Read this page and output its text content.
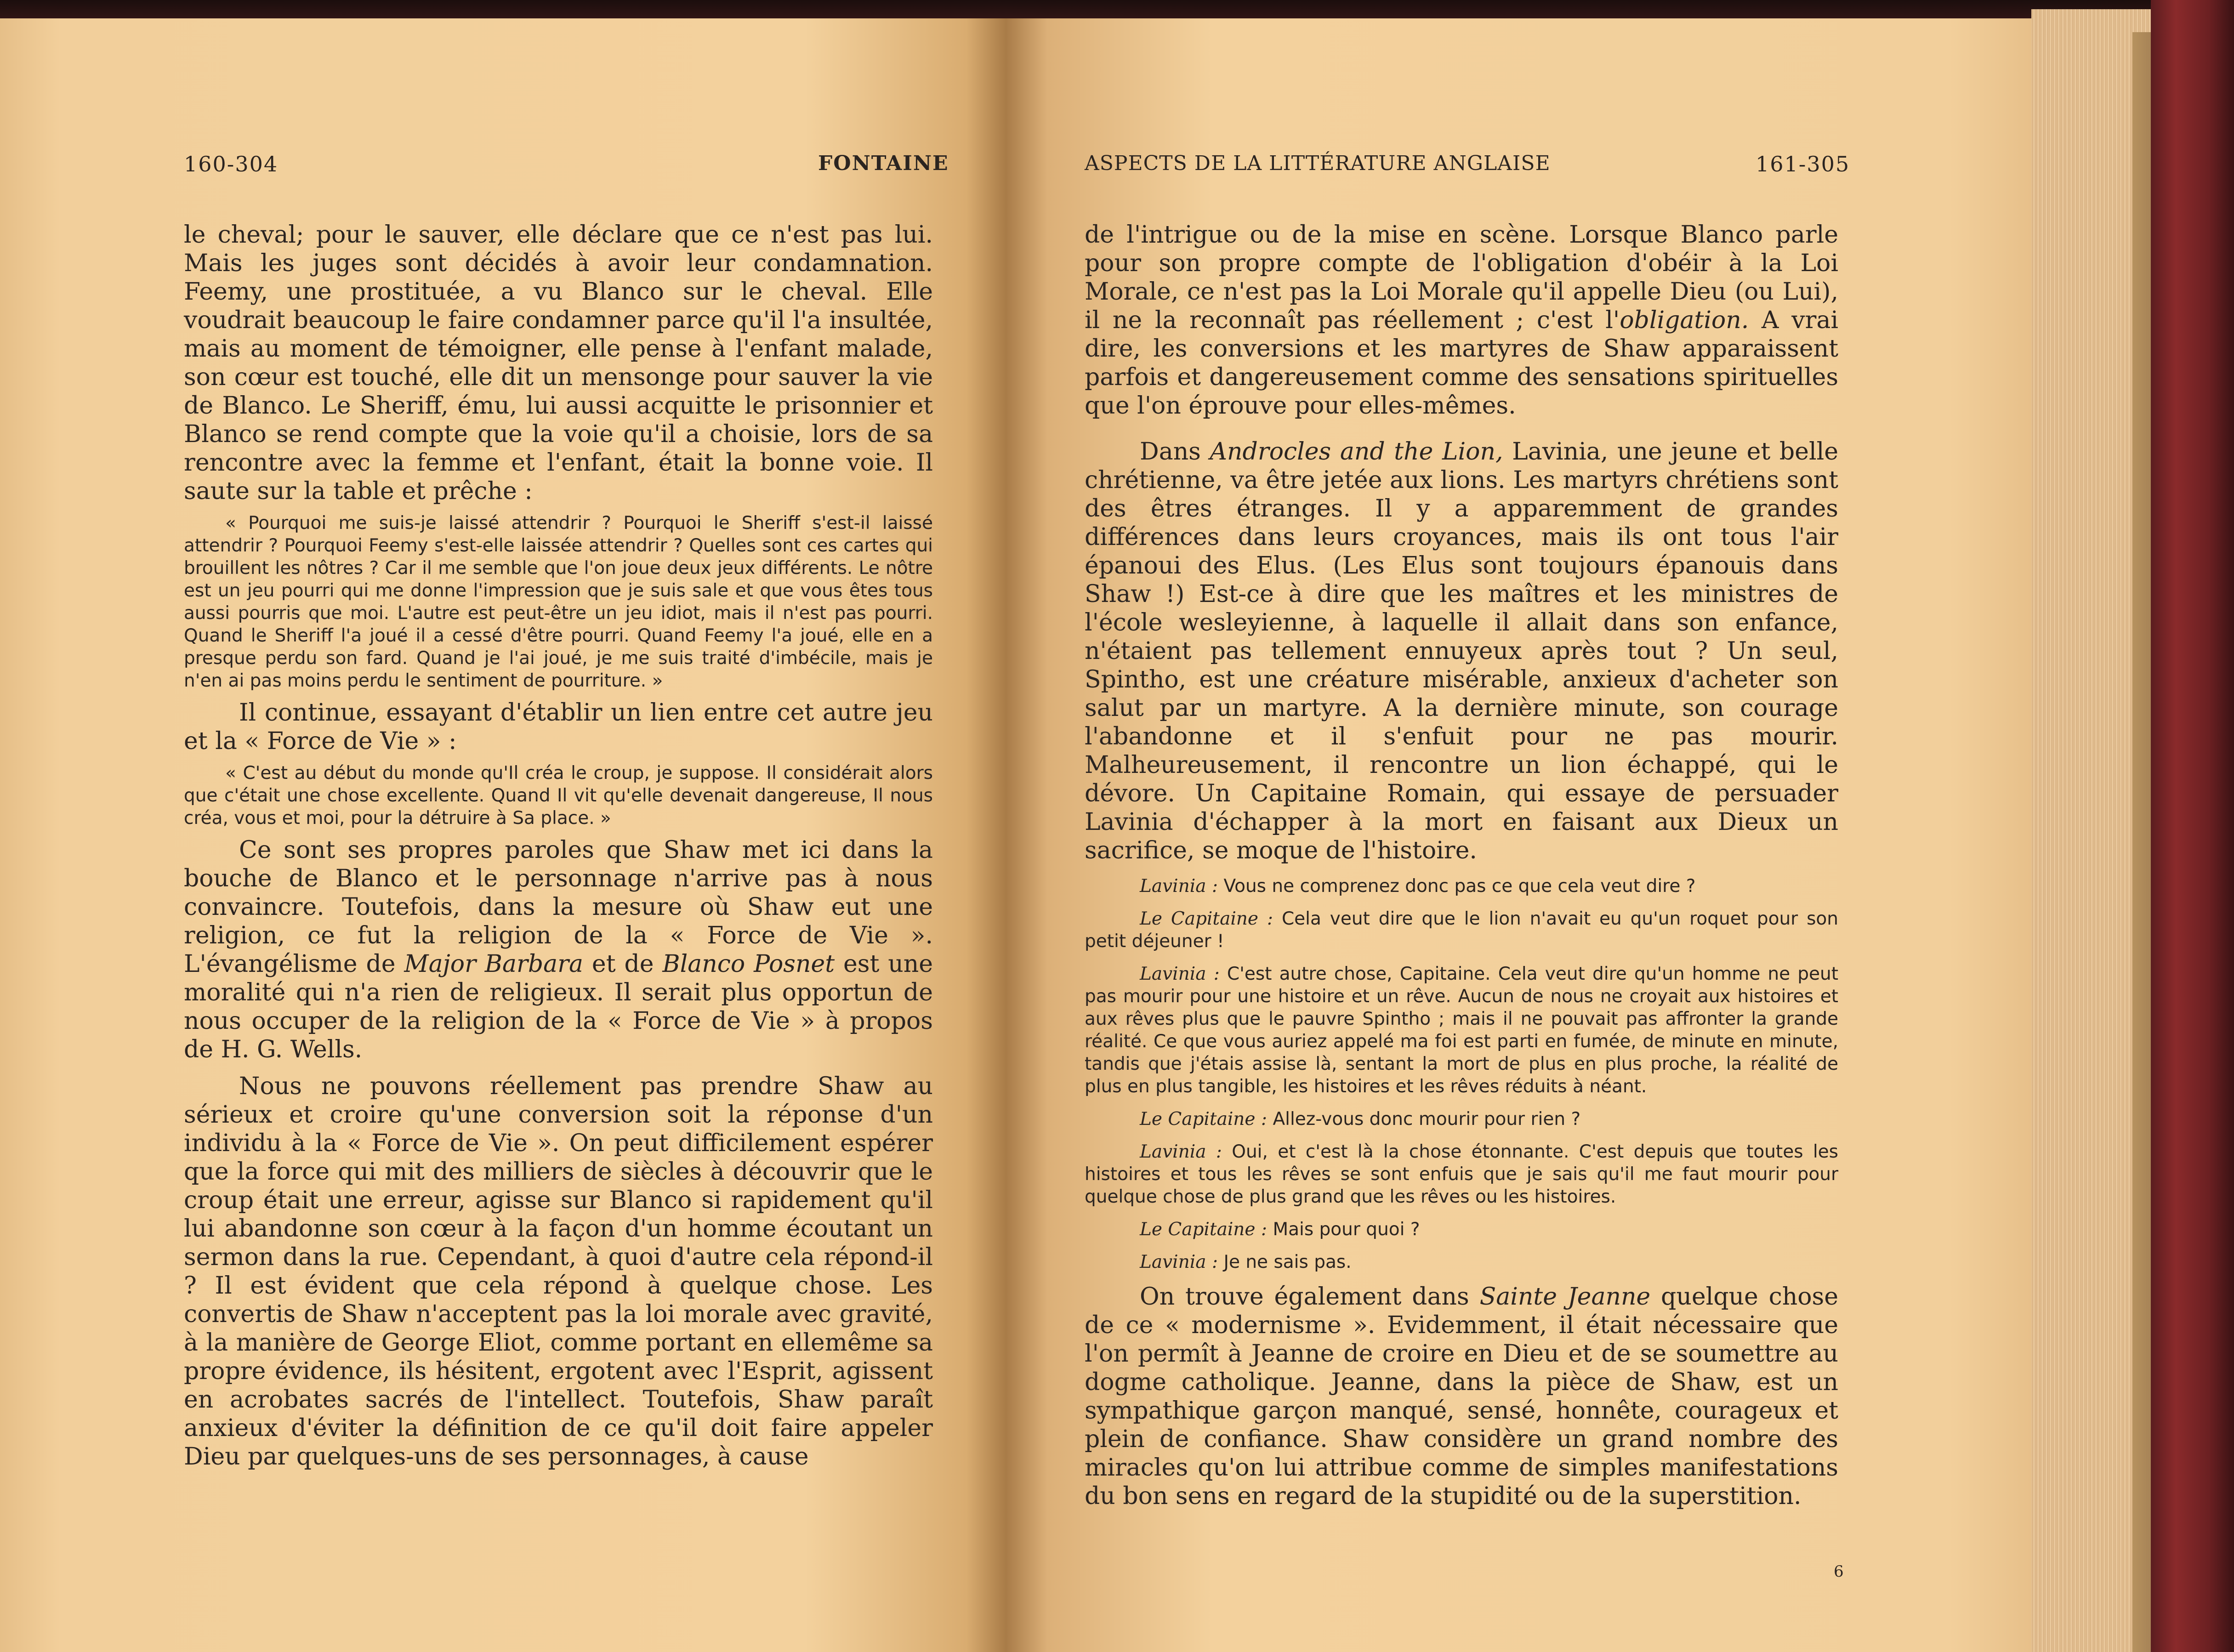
160-304	FONTAINE

le cheval; pour le sauver, elle déclare que ce n'est pas lui. Mais les juges sont décidés à avoir leur condamnation. Feemy, une prostituée, a vu Blanco sur le cheval. Elle voudrait beaucoup le faire condamner parce qu'il l'a insultée, mais au moment de témoigner, elle pense à l'enfant malade, son cœur est touché, elle dit un mensonge pour sauver la vie de Blanco. Le Sheriff, ému, lui aussi acquitte le prisonnier et Blanco se rend compte que la voie qu'il a choisie, lors de sa rencontre avec la femme et l'enfant, était la bonne voie. Il saute sur la table et prêche :

« Pourquoi me suis-je laissé attendrir ? Pourquoi le Sheriff s'est-il laissé attendrir ? Pourquoi Feemy s'est-elle laissée attendrir ? Quelles sont ces cartes qui brouillent les nôtres ? Car il me semble que l'on joue deux jeux différents. Le nôtre est un jeu pourri qui me donne l'impression que je suis sale et que vous êtes tous aussi pourris que moi. L'autre est peut-être un jeu idiot, mais il n'est pas pourri. Quand le Sheriff l'a joué il a cessé d'être pourri. Quand Feemy l'a joué, elle en a presque perdu son fard. Quand je l'ai joué, je me suis traité d'imbécile, mais je n'en ai pas moins perdu le sentiment de pourriture. »

Il continue, essayant d'établir un lien entre cet autre jeu et la « Force de Vie » :

« C'est au début du monde qu'Il créa le croup, je suppose. Il considérait alors que c'était une chose excellente. Quand Il vit qu'elle devenait dangereuse, Il nous créa, vous et moi, pour la détruire à Sa place. »

Ce sont ses propres paroles que Shaw met ici dans la bouche de Blanco et le personnage n'arrive pas à nous convaincre. Toutefois, dans la mesure où Shaw eut une religion, ce fut la religion de la « Force de Vie ». L'évangélisme de Major Barbara et de Blanco Posnet est une moralité qui n'a rien de religieux. Il serait plus opportun de nous occuper de la religion de la « Force de Vie » à propos de H. G. Wells.

Nous ne pouvons réellement pas prendre Shaw au sérieux et croire qu'une conversion soit la réponse d'un individu à la « Force de Vie ». On peut difficilement espérer que la force qui mit des milliers de siècles à découvrir que le croup était une erreur, agisse sur Blanco si rapidement qu'il lui abandonne son cœur à la façon d'un homme écoutant un sermon dans la rue. Cependant, à quoi d'autre cela répond-il ? Il est évident que cela répond à quelque chose. Les convertis de Shaw n'acceptent pas la loi morale avec gravité, à la manière de George Eliot, comme portant en ellemême sa propre évidence, ils hésitent, ergotent avec l'Esprit, agissent en acrobates sacrés de l'intellect. Toutefois, Shaw paraît anxieux d'éviter la définition de ce qu'il doit faire appeler Dieu par quelques-uns de ses personnages, à cause

ASPECTS DE LA LITTÉRATURE ANGLAISE	161-305

de l'intrigue ou de la mise en scène. Lorsque Blanco parle pour son propre compte de l'obligation d'obéir à la Loi Morale, ce n'est pas la Loi Morale qu'il appelle Dieu (ou Lui), il ne la reconnaît pas réellement ; c'est l'obligation. A vrai dire, les conversions et les martyres de Shaw apparaissent parfois et dangereusement comme des sensations spirituelles que l'on éprouve pour elles-mêmes.

Dans Androcles and the Lion, Lavinia, une jeune et belle chrétienne, va être jetée aux lions. Les martyrs chrétiens sont des êtres étranges. Il y a apparemment de grandes différences dans leurs croyances, mais ils ont tous l'air épanoui des Elus. (Les Elus sont toujours épanouis dans Shaw !) Est-ce à dire que les maîtres et les ministres de l'école wesleyienne, à laquelle il allait dans son enfance, n'étaient pas tellement ennuyeux après tout ? Un seul, Spintho, est une créature misérable, anxieux d'acheter son salut par un martyre. A la dernière minute, son courage l'abandonne et il s'enfuit pour ne pas mourir. Malheureusement, il rencontre un lion échappé, qui le dévore. Un Capitaine Romain, qui essaye de persuader Lavinia d'échapper à la mort en faisant aux Dieux un sacrifice, se moque de l'histoire.

Lavinia : Vous ne comprenez donc pas ce que cela veut dire ?

Le Capitaine : Cela veut dire que le lion n'avait eu qu'un roquet pour son petit déjeuner !

Lavinia : C'est autre chose, Capitaine. Cela veut dire qu'un homme ne peut pas mourir pour une histoire et un rêve. Aucun de nous ne croyait aux histoires et aux rêves plus que le pauvre Spintho ; mais il ne pouvait pas affronter la grande réalité. Ce que vous auriez appelé ma foi est parti en fumée, de minute en minute, tandis que j'étais assise là, sentant la mort de plus en plus proche, la réalité de plus en plus tangible, les histoires et les rêves réduits à néant.

Le Capitaine : Allez-vous donc mourir pour rien ?

Lavinia : Oui, et c'est là la chose étonnante. C'est depuis que toutes les histoires et tous les rêves se sont enfuis que je sais qu'il me faut mourir pour quelque chose de plus grand que les rêves ou les histoires.

Le Capitaine : Mais pour quoi ?

Lavinia : Je ne sais pas.

On trouve également dans Sainte Jeanne quelque chose de ce « modernisme ». Evidemment, il était nécessaire que l'on permît à Jeanne de croire en Dieu et de se soumettre au dogme catholique. Jeanne, dans la pièce de Shaw, est un sympathique garçon manqué, sensé, honnête, courageux et plein de confiance. Shaw considère un grand nombre des miracles qu'on lui attribue comme de simples manifestations du bon sens en regard de la stupidité ou de la superstition.

6
